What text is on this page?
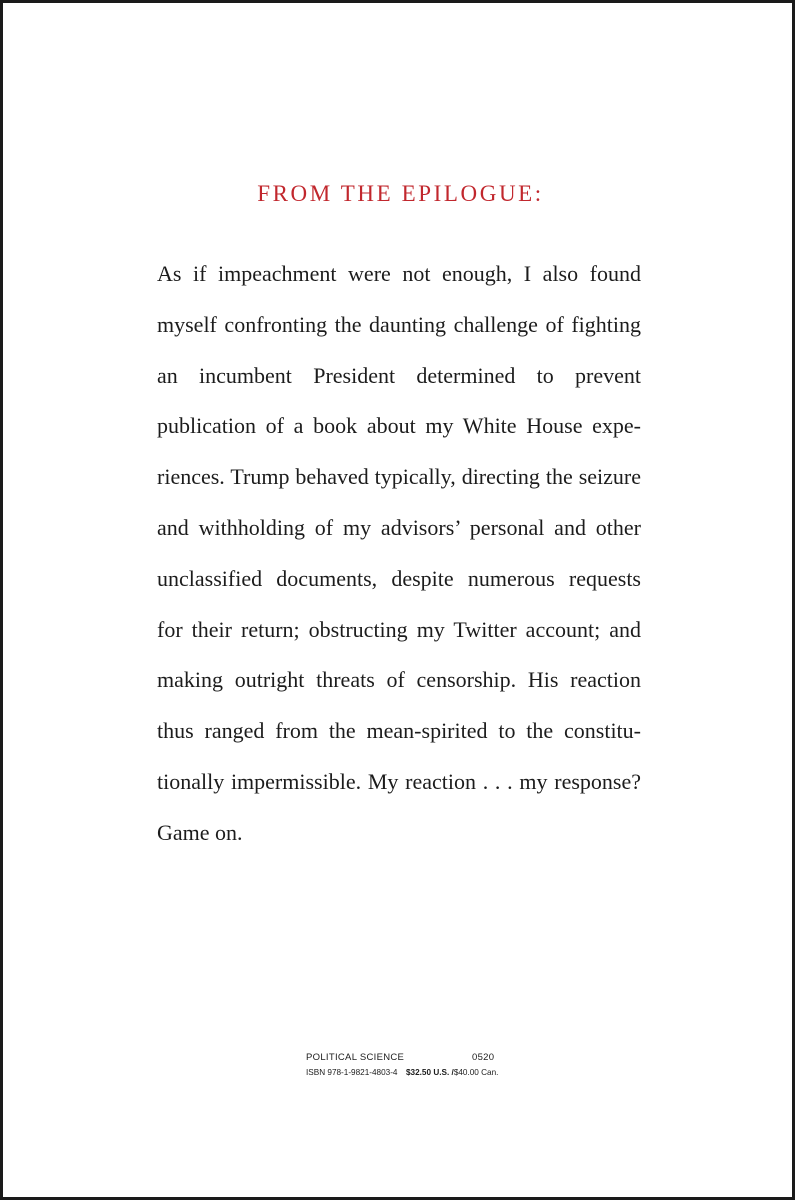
FROM THE EPILOGUE:
As if impeachment were not enough, I also found
myself confronting the daunting challenge of fighting
an incumbent President determined to prevent
publication of a book about my White House expe-
riences. Trump behaved typically, directing the seizure
and withholding of my advisors’ personal and other
unclassified documents, despite numerous requests
for their return; obstructing my Twitter account; and
making outright threats of censorship. His reaction
thus ranged from the mean-spirited to the constitu-
tionally impermissible. My reaction . . . my response?
Game on.
POLITICAL SCIENCE	0520
ISBN 978-1-9821-4803-4 $32.50 U.S. /$40.00 Can.
